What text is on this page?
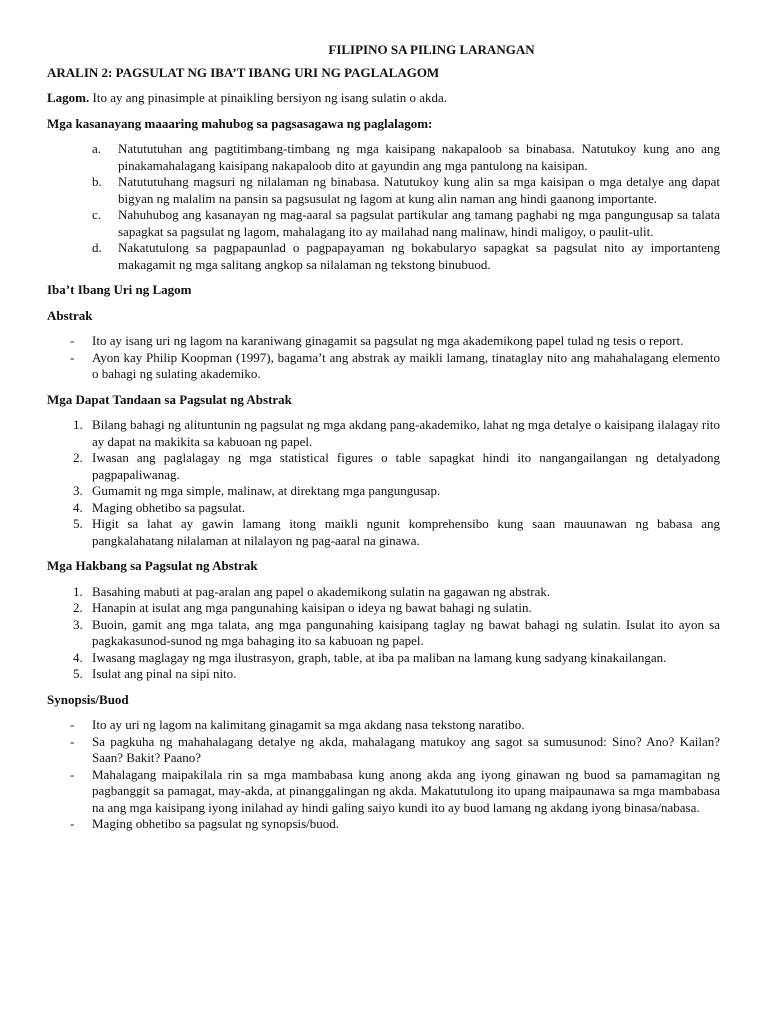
FILIPINO SA PILING LARANGAN

ARALIN 2: PAGSULAT NG IBA’T IBANG URI NG PAGLALAGOM

Lagom. Ito ay ang pinasimple at pinaikling bersiyon ng isang sulatin o akda.

Mga kasanayang maaaring mahubog sa pagsasagawa ng paglalagom:

a. Natututuhan ang pagtitimbang-timbang ng mga kaisipang nakapaloob sa binabasa. Natutukoy kung ano ang pinakamahalagang kaisipang nakapaloob dito at gayundin ang mga pantulong na kaisipan.
b. Natututuhang magsuri ng nilalaman ng binabasa. Natutukoy kung alin sa mga kaisipan o mga detalye ang dapat bigyan ng malalim na pansin sa pagsusulat ng lagom at kung alin naman ang hindi gaanong importante.
c. Nahuhubog ang kasanayan ng mag-aaral sa pagsulat partikular ang tamang paghabi ng mga pangungusap sa talata sapagkat sa pagsulat ng lagom, mahalagang ito ay mailahad nang malinaw, hindi maligoy, o paulit-ulit.
d. Nakatutulong sa pagpapaunlad o pagpapayaman ng bokabularyo sapagkat sa pagsulat nito ay importanteng makagamit ng mga salitang angkop sa nilalaman ng tekstong binubuod.

Iba’t Ibang Uri ng Lagom

Abstrak

- Ito ay isang uri ng lagom na karaniwang ginagamit sa pagsulat ng mga akademikong papel tulad ng tesis o report.
- Ayon kay Philip Koopman (1997), bagama’t ang abstrak ay maikli lamang, tinataglay nito ang mahahalagang elemento o bahagi ng sulating akademiko.

Mga Dapat Tandaan sa Pagsulat ng Abstrak

1. Bilang bahagi ng alituntunin ng pagsulat ng mga akdang pang-akademiko, lahat ng mga detalye o kaisipang ilalagay rito ay dapat na makikita sa kabuoan ng papel.
2. Iwasan ang paglalagay ng mga statistical figures o table sapagkat hindi ito nangangailangan ng detalyadong pagpapaliwanag.
3. Gumamit ng mga simple, malinaw, at direktang mga pangungusap.
4. Maging obhetibo sa pagsulat.
5. Higit sa lahat ay gawin lamang itong maikli ngunit komprehensibo kung saan mauunawan ng babasa ang pangkalahatang nilalaman at nilalayon ng pag-aaral na ginawa.

Mga Hakbang sa Pagsulat ng Abstrak

1. Basahing mabuti at pag-aralan ang papel o akademikong sulatin na gagawan ng abstrak.
2. Hanapin at isulat ang mga pangunahing kaisipan o ideya ng bawat bahagi ng sulatin.
3. Buoin, gamit ang mga talata, ang mga pangunahing kaisipang taglay ng bawat bahagi ng sulatin. Isulat ito ayon sa pagkakasunod-sunod ng mga bahaging ito sa kabuoan ng papel.
4. Iwasang maglagay ng mga ilustrasyon, graph, table, at iba pa maliban na lamang kung sadyang kinakailangan.
5. Isulat ang pinal na sipi nito.

Synopsis/Buod

- Ito ay uri ng lagom na kalimitang ginagamit sa mga akdang nasa tekstong naratibo.
- Sa pagkuha ng mahahalagang detalye ng akda, mahalagang matukoy ang sagot sa sumusunod: Sino? Ano? Kailan? Saan? Bakit? Paano?
- Mahalagang maipakilala rin sa mga mambabasa kung anong akda ang iyong ginawan ng buod sa pamamagitan ng pagbanggit sa pamagat, may-akda, at pinanggalingan ng akda. Makatutulong ito upang maipaunawa sa mga mambabasa na ang mga kaisipang iyong inilahad ay hindi galing saiyo kundi ito ay buod lamang ng akdang iyong binasa/nabasa.
- Maging obhetibo sa pagsulat ng synopsis/buod.
